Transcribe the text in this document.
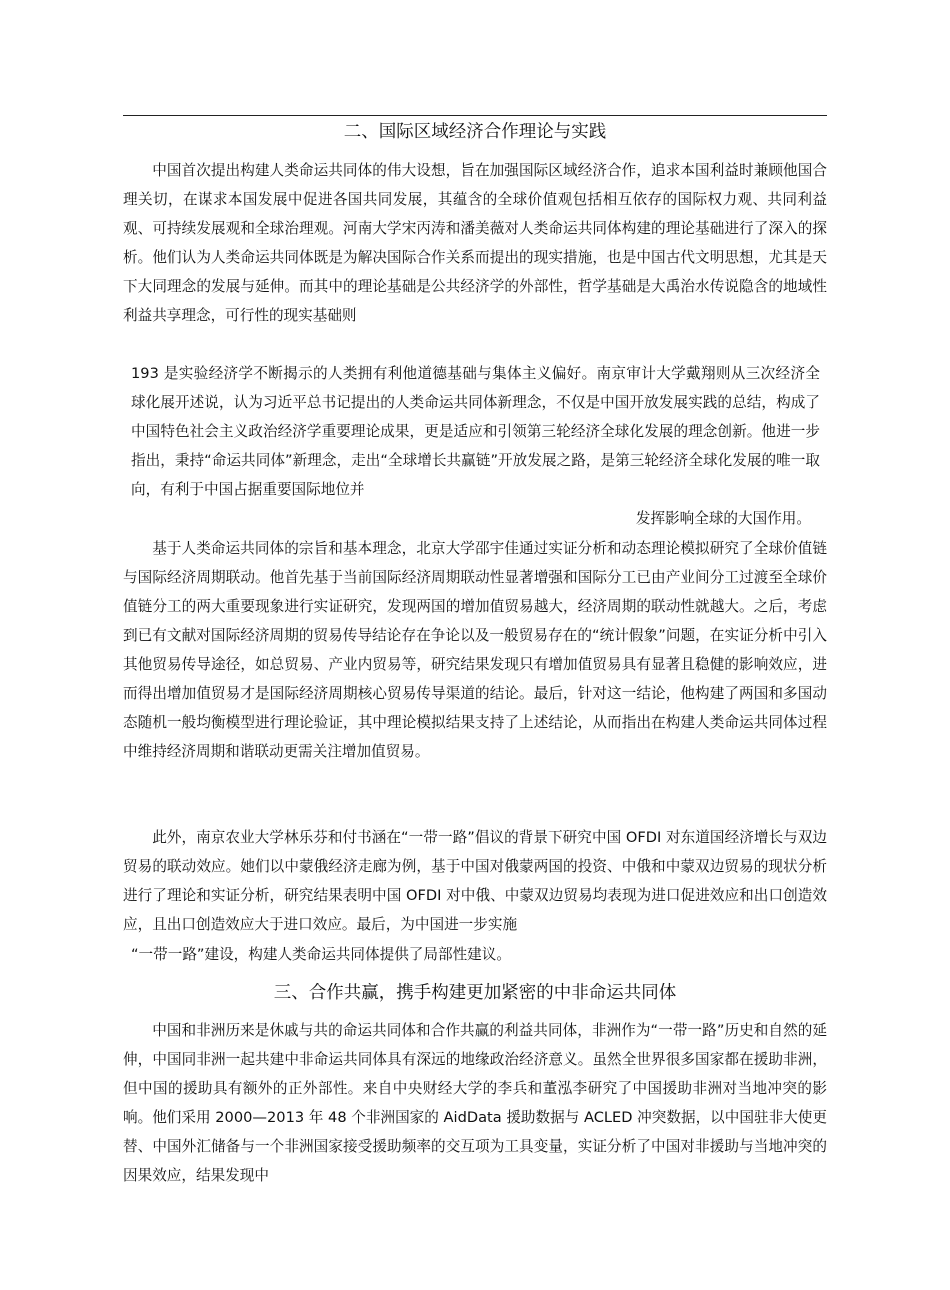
二、国际区域经济合作理论与实践
中国首次提出构建人类命运共同体的伟大设想，旨在加强国际区域经济合作，追求本国利益时兼顾他国合理关切，在谋求本国发展中促进各国共同发展，其蕴含的全球价值观包括相互依存的国际权力观、共同利益观、可持续发展观和全球治理观。河南大学宋丙涛和潘美薇对人类命运共同体构建的理论基础进行了深入的探析。他们认为人类命运共同体既是为解决国际合作关系而提出的现实措施，也是中国古代文明思想，尤其是天下大同理念的发展与延伸。而其中的理论基础是公共经济学的外部性，哲学基础是大禹治水传说隐含的地域性利益共享理念，可行性的现实基础则
193 是实验经济学不断揭示的人类拥有利他道德基础与集体主义偏好。南京审计大学戴翔则从三次经济全球化展开述说，认为习近平总书记提出的人类命运共同体新理念，不仅是中国开放发展实践的总结，构成了中国特色社会主义政治经济学重要理论成果，更是适应和引领第三轮经济全球化发展的理念创新。他进一步指出，秉持“命运共同体”新理念，走出“全球增长共赢链”开放发展之路，是第三轮经济全球化发展的唯一取向，有利于中国占据重要国际地位并
发挥影响全球的大国作用。
基于人类命运共同体的宗旨和基本理念，北京大学邵宇佳通过实证分析和动态理论模拟研究了全球价值链与国际经济周期联动。他首先基于当前国际经济周期联动性显著增强和国际分工已由产业间分工过渡至全球价值链分工的两大重要现象进行实证研究，发现两国的增加值贸易越大，经济周期的联动性就越大。之后，考虑到已有文献对国际经济周期的贸易传导结论存在争论以及一般贸易存在的“统计假象”问题，在实证分析中引入其他贸易传导途径，如总贸易、产业内贸易等，研究结果发现只有增加值贸易具有显著且稳健的影响效应，进而得出增加值贸易才是国际经济周期核心贸易传导渠道的结论。最后，针对这一结论，他构建了两国和多国动态随机一般均衡模型进行理论验证，其中理论模拟结果支持了上述结论，从而指出在构建人类命运共同体过程中维持经济周期和谐联动更需关注增加值贸易。
此外，南京农业大学林乐芬和付书涵在“一带一路”倡议的背景下研究中国 OFDI 对东道国经济增长与双边贸易的联动效应。她们以中蒙俄经济走廊为例，基于中国对俄蒙两国的投资、中俄和中蒙双边贸易的现状分析进行了理论和实证分析，研究结果表明中国 OFDI 对中俄、中蒙双边贸易均表现为进口促进效应和出口创造效应，且出口创造效应大于进口效应。最后，为中国进一步实施
“一带一路”建设，构建人类命运共同体提供了局部性建议。
三、合作共赢，携手构建更加紧密的中非命运共同体
中国和非洲历来是休戚与共的命运共同体和合作共赢的利益共同体，非洲作为“一带一路”历史和自然的延伸，中国同非洲一起共建中非命运共同体具有深远的地缘政治经济意义。虽然全世界很多国家都在援助非洲，但中国的援助具有额外的正外部性。来自中央财经大学的李兵和董泓李研究了中国援助非洲对当地冲突的影响。他们采用 2000—2013 年 48 个非洲国家的 AidData 援助数据与 ACLED 冲突数据，以中国驻非大使更替、中国外汇储备与一个非洲国家接受援助频率的交互项为工具变量，实证分析了中国对非援助与当地冲突的因果效应，结果发现中
